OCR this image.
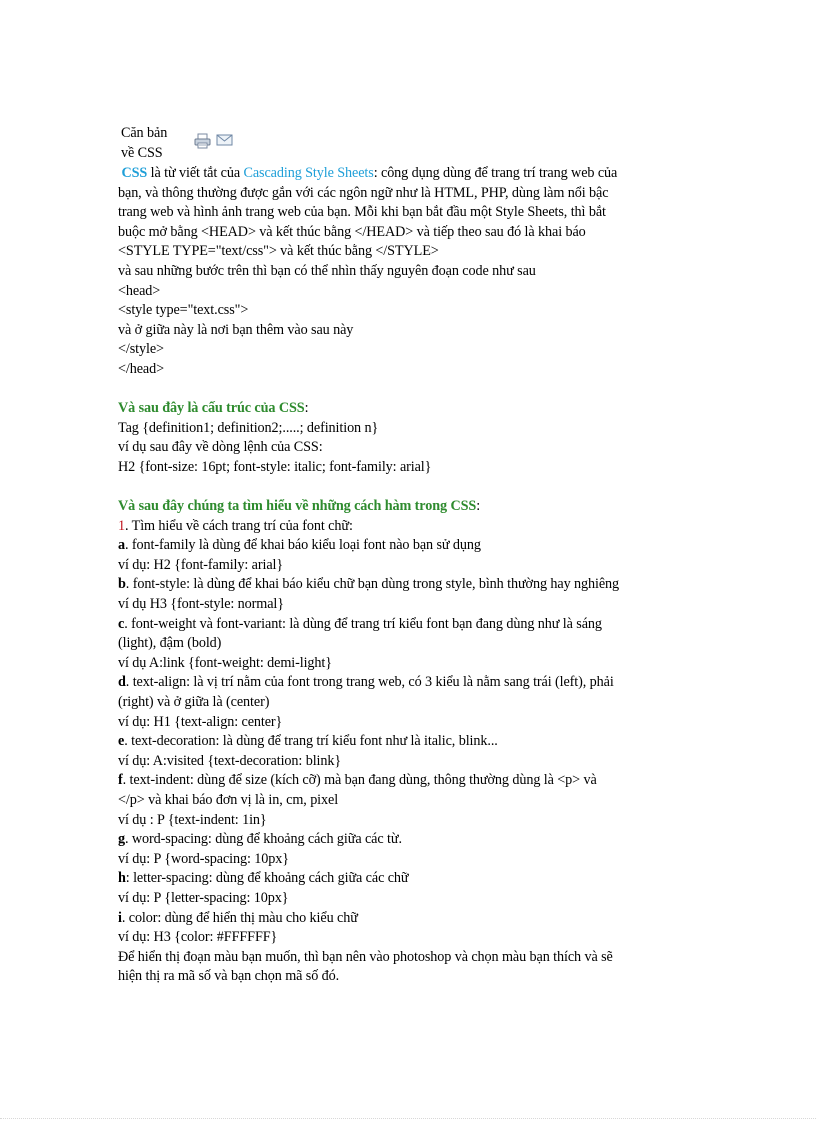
Căn bản
về CSS

CSS là từ viết tắt của Cascading Style Sheets: công dụng dùng để trang trí trang web của
bạn, và thông thường được gắn với các ngôn ngữ như là HTML, PHP, dùng làm nổi bậc
trang web và hình ảnh trang web của bạn. Mỗi khi bạn bắt đầu một Style Sheets, thì bắt
buộc mở bằng <HEAD> và kết thúc bằng </HEAD> và tiếp theo sau đó là khai báo
<STYLE TYPE="text/css"> và kết thúc bằng </STYLE>
và sau những bước trên thì bạn có thể nhìn thấy nguyên đoạn code như sau
<head>
<style type="text.css">
và ở giữa này là nơi bạn thêm vào sau này
</style>
</head>
Và sau đây là cấu trúc của CSS:
Tag {definition1; definition2;.....; definition n}
ví dụ sau đây về dòng lệnh của CSS:
H2 {font-size: 16pt; font-style: italic; font-family: arial}
Và sau đây chúng ta tìm hiểu về những cách hàm trong CSS:
1. Tìm hiểu về cách trang trí của font chữ:
a. font-family là dùng để khai báo kiểu loại font nào bạn sử dụng
ví dụ: H2 {font-family: arial}
b. font-style: là dùng để khai báo kiểu chữ bạn dùng trong style, bình thường hay nghiêng
ví dụ H3 {font-style: normal}
c. font-weight và font-variant: là dùng để trang trí kiểu font bạn đang dùng như là sáng
(light), đậm (bold)
ví dụ A:link {font-weight: demi-light}
d. text-align: là vị trí nằm của font trong trang web, có 3 kiểu là nằm sang trái (left), phải
(right) và ở giữa là (center)
ví dụ: H1 {text-align: center}
e. text-decoration: là dùng để trang trí kiểu font như là italic, blink...
ví dụ: A:visited {text-decoration: blink}
f. text-indent: dùng để size (kích cỡ) mà bạn đang dùng, thông thường dùng là <p> và
</p> và khai báo đơn vị là in, cm, pixel
ví dụ : P {text-indent: 1in}
g. word-spacing: dùng để khoảng cách giữa các từ.
ví dụ: P {word-spacing: 10px}
h: letter-spacing: dùng để khoảng cách giữa các chữ
ví dụ: P {letter-spacing: 10px}
i. color: dùng để hiển thị màu cho kiểu chữ
ví dụ: H3 {color: #FFFFFF}
Để hiển thị đoạn màu bạn muốn, thì bạn nên vào photoshop và chọn màu bạn thích và sẽ
hiện thị ra mã số và bạn chọn mã số đó.
